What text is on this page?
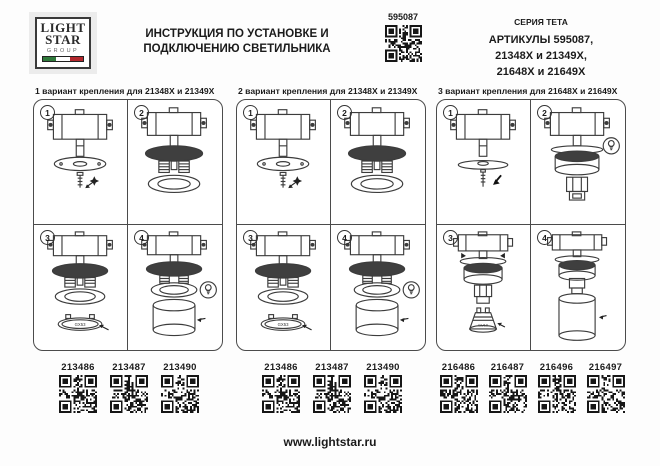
LIGHT
STAR
GROUP
ИНСТРУКЦИЯ ПО УСТАНОВКЕ И
ПОДКЛЮЧЕНИЮ СВЕТИЛЬНИКА
595087	СЕРИЯ ТЕТА
АРТИКУЛЫ 595087,
21348X и 21349X,
21648X и 21649X
1 вариант крепления для 21348X и 21349X
1	2
3
GX53
4
2 вариант крепления для 21348X и 21349X
1	2
3
GX53
4
3 вариант крепления для 21648X и 21649X
1	2
3
GU10
4
213486 213487 213490	213486 213487 213490	216486 216487 216496 216497
www.lightstar.ru
